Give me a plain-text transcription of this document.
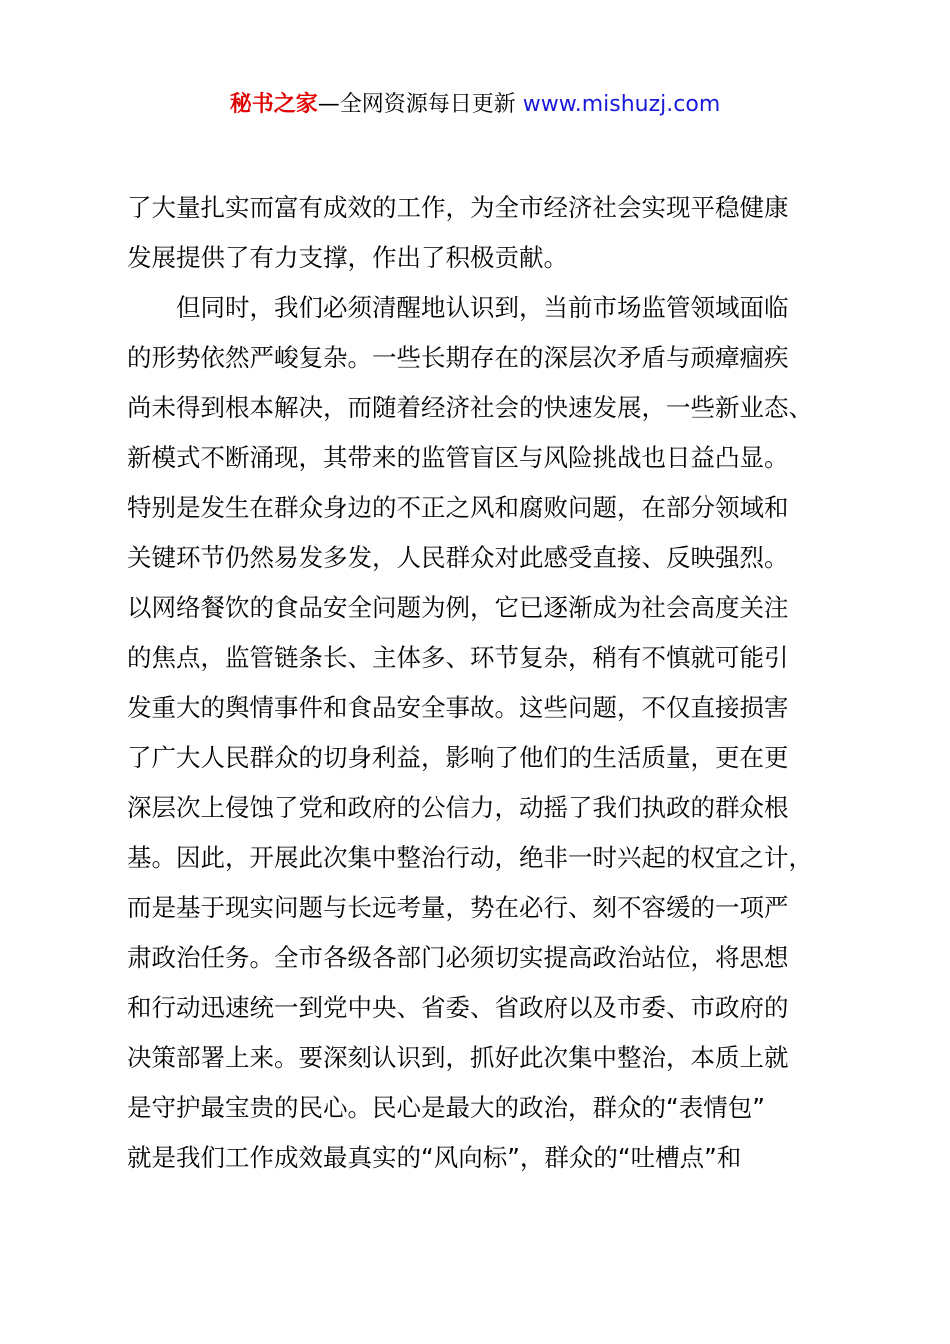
秘书之家—全网资源每日更新 www.mishuzj.com
了大量扎实而富有成效的工作，为全市经济社会实现平稳健康
发展提供了有力支撑，作出了积极贡献。
但同时，我们必须清醒地认识到，当前市场监管领域面临
的形势依然严峻复杂。一些长期存在的深层次矛盾与顽瘴痼疾
尚未得到根本解决，而随着经济社会的快速发展，一些新业态、
新模式不断涌现，其带来的监管盲区与风险挑战也日益凸显。
特别是发生在群众身边的不正之风和腐败问题，在部分领域和
关键环节仍然易发多发，人民群众对此感受直接、反映强烈。
以网络餐饮的食品安全问题为例，它已逐渐成为社会高度关注
的焦点，监管链条长、主体多、环节复杂，稍有不慎就可能引
发重大的舆情事件和食品安全事故。这些问题，不仅直接损害
了广大人民群众的切身利益，影响了他们的生活质量，更在更
深层次上侵蚀了党和政府的公信力，动摇了我们执政的群众根
基。因此，开展此次集中整治行动，绝非一时兴起的权宜之计，
而是基于现实问题与长远考量，势在必行、刻不容缓的一项严
肃政治任务。全市各级各部门必须切实提高政治站位，将思想
和行动迅速统一到党中央、省委、省政府以及市委、市政府的
决策部署上来。要深刻认识到，抓好此次集中整治，本质上就
是守护最宝贵的民心。民心是最大的政治，群众的“表情包”
就是我们工作成效最真实的“风向标”，群众的“吐槽点”和
